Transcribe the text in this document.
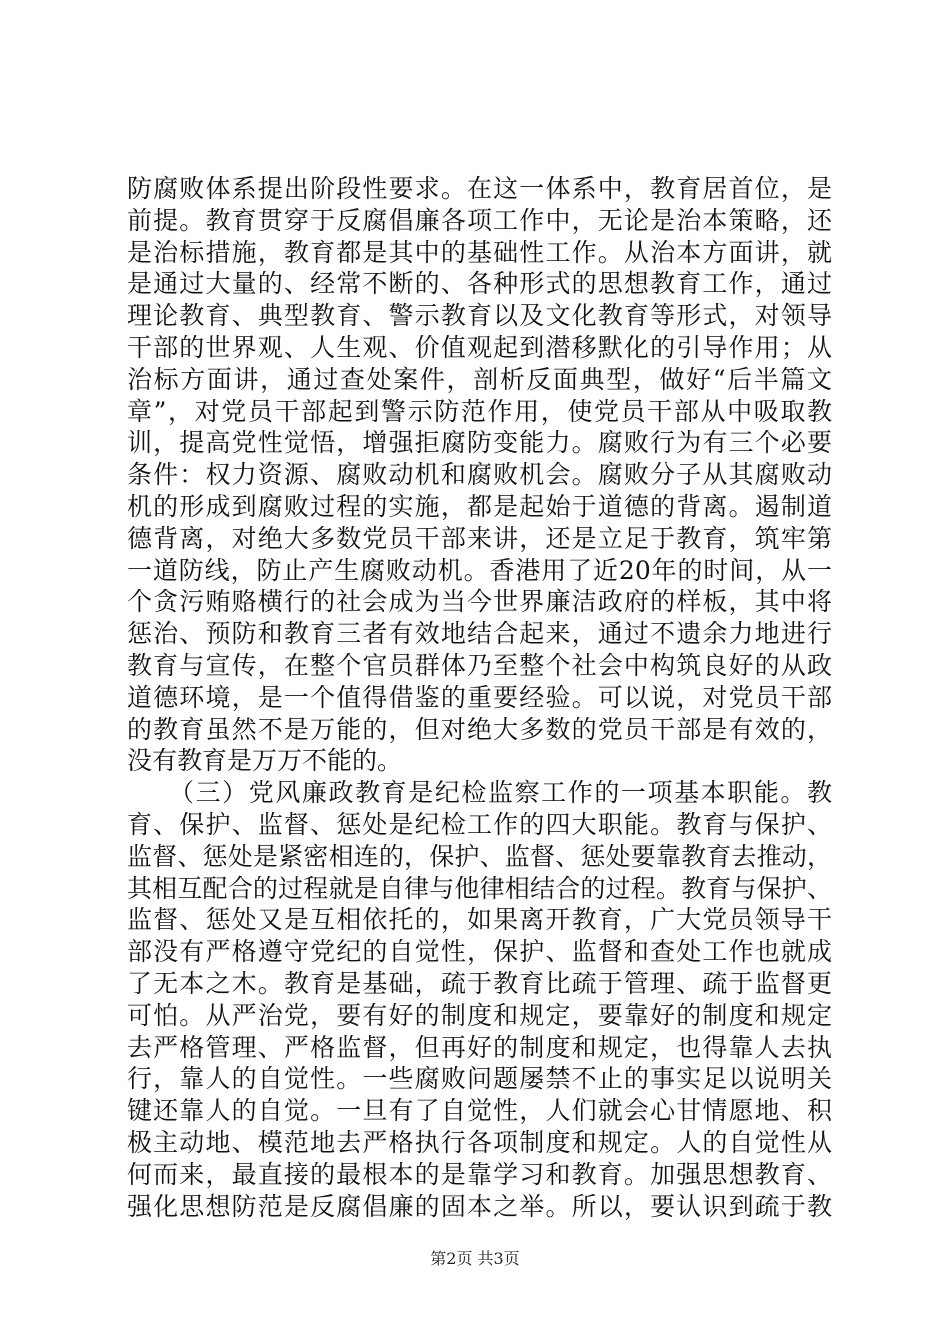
防腐败体系提出阶段性要求。在这一体系中，教育居首位，是
前提。教育贯穿于反腐倡廉各项工作中，无论是治本策略，还
是治标措施，教育都是其中的基础性工作。从治本方面讲，就
是通过大量的、经常不断的、各种形式的思想教育工作，通过
理论教育、典型教育、警示教育以及文化教育等形式，对领导
干部的世界观、人生观、价值观起到潜移默化的引导作用；从
治标方面讲，通过查处案件，剖析反面典型，做好“后半篇文
章”，对党员干部起到警示防范作用，使党员干部从中吸取教
训，提高党性觉悟，增强拒腐防变能力。腐败行为有三个必要
条件：权力资源、腐败动机和腐败机会。腐败分子从其腐败动
机的形成到腐败过程的实施，都是起始于道德的背离。遏制道
德背离，对绝大多数党员干部来讲，还是立足于教育，筑牢第
一道防线，防止产生腐败动机。香港用了近20年的时间，从一
个贪污贿赂横行的社会成为当今世界廉洁政府的样板，其中将
惩治、预防和教育三者有效地结合起来，通过不遗余力地进行
教育与宣传，在整个官员群体乃至整个社会中构筑良好的从政
道德环境，是一个值得借鉴的重要经验。可以说，对党员干部
的教育虽然不是万能的，但对绝大多数的党员干部是有效的，
没有教育是万万不能的。
（三）党风廉政教育是纪检监察工作的一项基本职能。教
育、保护、监督、惩处是纪检工作的四大职能。教育与保护、
监督、惩处是紧密相连的，保护、监督、惩处要靠教育去推动，
其相互配合的过程就是自律与他律相结合的过程。教育与保护、
监督、惩处又是互相依托的，如果离开教育，广大党员领导干
部没有严格遵守党纪的自觉性，保护、监督和查处工作也就成
了无本之木。教育是基础，疏于教育比疏于管理、疏于监督更
可怕。从严治党，要有好的制度和规定，要靠好的制度和规定
去严格管理、严格监督，但再好的制度和规定，也得靠人去执
行，靠人的自觉性。一些腐败问题屡禁不止的事实足以说明关
键还靠人的自觉。一旦有了自觉性，人们就会心甘情愿地、积
极主动地、模范地去严格执行各项制度和规定。人的自觉性从
何而来，最直接的最根本的是靠学习和教育。加强思想教育、
强化思想防范是反腐倡廉的固本之举。所以，要认识到疏于教
第2页 共3页
